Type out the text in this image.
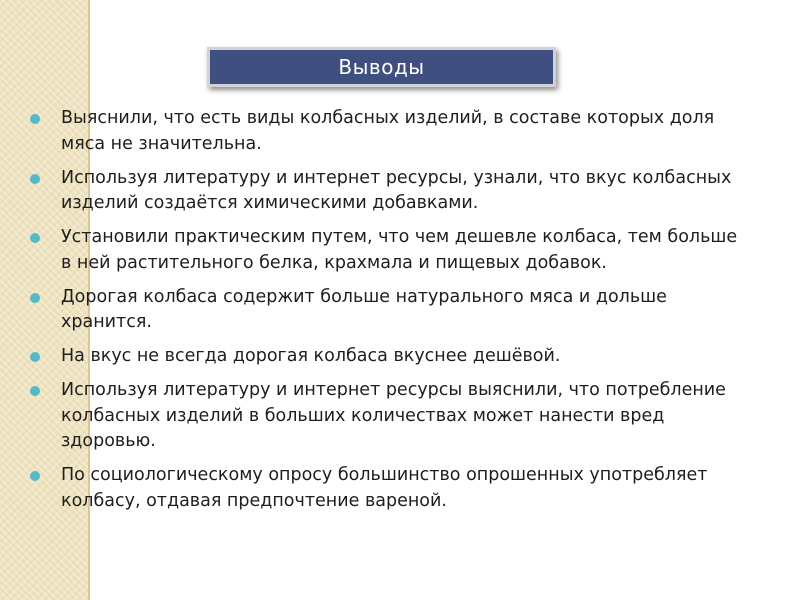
Выводы
Выяснили, что есть виды колбасных изделий, в составе которых доля мяса не значительна.
Используя литературу и интернет ресурсы, узнали, что вкус колбасных изделий создаётся химическими добавками.
Установили практическим путем, что чем дешевле колбаса, тем больше в ней растительного белка, крахмала и пищевых добавок.
Дорогая колбаса содержит больше натурального мяса и дольше хранится.
На вкус не всегда дорогая колбаса вкуснее дешёвой.
Используя литературу и интернет ресурсы выяснили, что потребление колбасных изделий в больших количествах может нанести вред здоровью.
По социологическому опросу большинство опрошенных употребляет колбасу, отдавая предпочтение вареной.
